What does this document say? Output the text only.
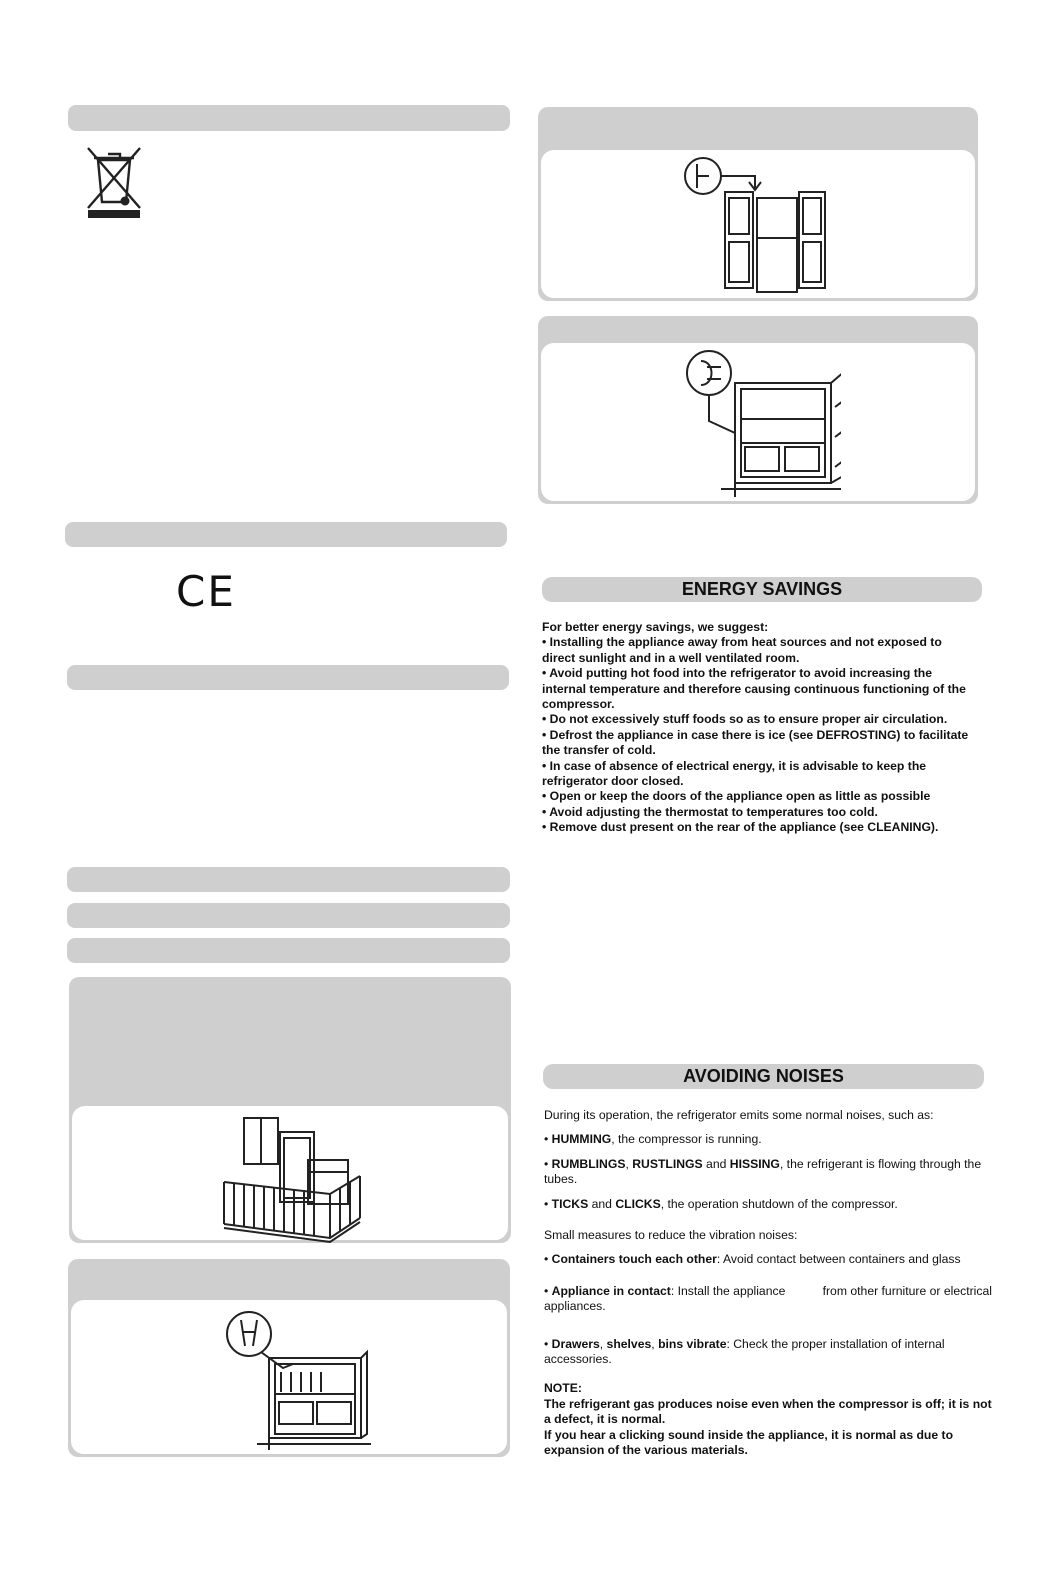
CE	ENERGY SAVINGS

For better energy savings, we suggest:

• Installing the appliance away from heat sources and not exposed to direct sunlight and in a well ventilated room.

• Avoid putting hot food into the refrigerator to avoid increasing the internal temperature and therefore causing continuous functioning of the compressor.

• Do not excessively stuff foods so as to ensure proper air circulation.

• Defrost the appliance in case there is ice (see DEFROSTING) to facilitate the transfer of cold.

• In case of absence of electrical energy, it is advisable to keep the refrigerator door closed.

• Open or keep the doors of the appliance open as little as possible

• Avoid adjusting the thermostat to temperatures too cold.

• Remove dust present on the rear of the appliance (see CLEANING).

AVOIDING NOISES

During its operation, the refrigerator emits some normal noises, such as:

• HUMMING, the compressor is running.

• RUMBLINGS, RUSTLINGS and HISSING, the refrigerant is flowing through the tubes.

• TICKS and CLICKS, the operation shutdown of the compressor.

Small measures to reduce the vibration noises:

• Containers touch each other: Avoid contact between containers and glass

• Appliance in contact: Install the appliance	from other furniture or electrical appliances.

• Drawers, shelves, bins vibrate: Check the proper installation of internal accessories.

NOTE:
The refrigerant gas produces noise even when the compressor is off; it is not a defect, it is normal.
If you hear a clicking sound inside the appliance, it is normal as due to expansion of the various materials.
